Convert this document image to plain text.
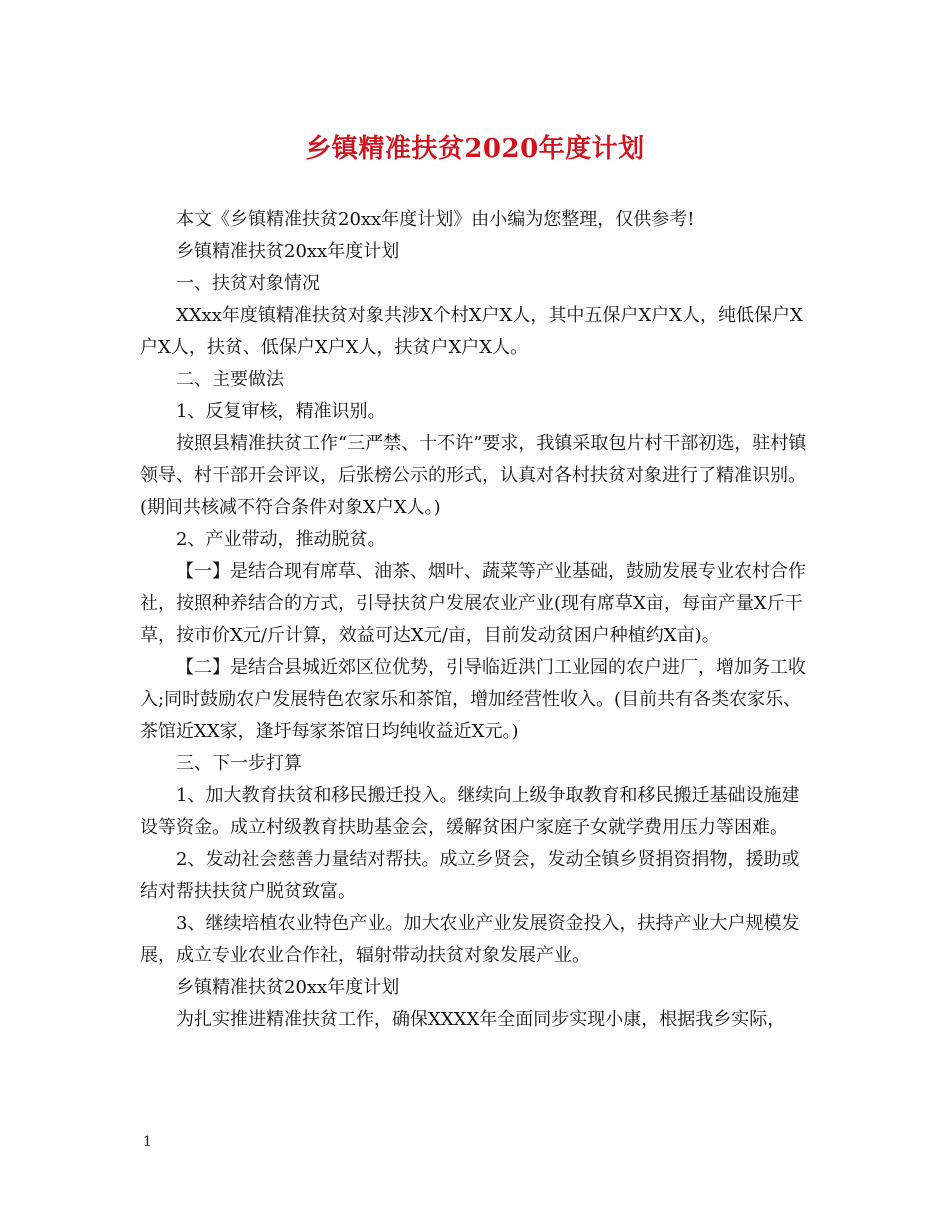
乡镇精准扶贫2020年度计划

本文《乡镇精准扶贫20xx年度计划》由小编为您整理，仅供参考!

乡镇精准扶贫20xx年度计划

一、扶贫对象情况

XXxx年度镇精准扶贫对象共涉X个村X户X人，其中五保户X户X人，纯低保户X户X人，扶贫、低保户X户X人，扶贫户X户X人。

二、主要做法

1、反复审核，精准识别。

按照县精准扶贫工作“三严禁、十不许”要求，我镇采取包片村干部初选，驻村镇领导、村干部开会评议，后张榜公示的形式，认真对各村扶贫对象进行了精准识别。(期间共核减不符合条件对象X户X人。)

2、产业带动，推动脱贫。

【一】是结合现有席草、油茶、烟叶、蔬菜等产业基础，鼓励发展专业农村合作社，按照种养结合的方式，引导扶贫户发展农业产业(现有席草X亩，每亩产量X斤干草，按市价X元/斤计算，效益可达X元/亩，目前发动贫困户种植约X亩)。

【二】是结合县城近郊区位优势，引导临近洪门工业园的农户进厂，增加务工收入;同时鼓励农户发展特色农家乐和茶馆，增加经营性收入。(目前共有各类农家乐、茶馆近XX家，逢圩每家茶馆日均纯收益近X元。)

三、下一步打算

1、加大教育扶贫和移民搬迁投入。继续向上级争取教育和移民搬迁基础设施建设等资金。成立村级教育扶助基金会，缓解贫困户家庭子女就学费用压力等困难。

2、发动社会慈善力量结对帮扶。成立乡贤会，发动全镇乡贤捐资捐物，援助或结对帮扶扶贫户脱贫致富。

3、继续培植农业特色产业。加大农业产业发展资金投入，扶持产业大户规模发展，成立专业农业合作社，辐射带动扶贫对象发展产业。

乡镇精准扶贫20xx年度计划

为扎实推进精准扶贫工作，确保XXXX年全面同步实现小康，根据我乡实际，

1
